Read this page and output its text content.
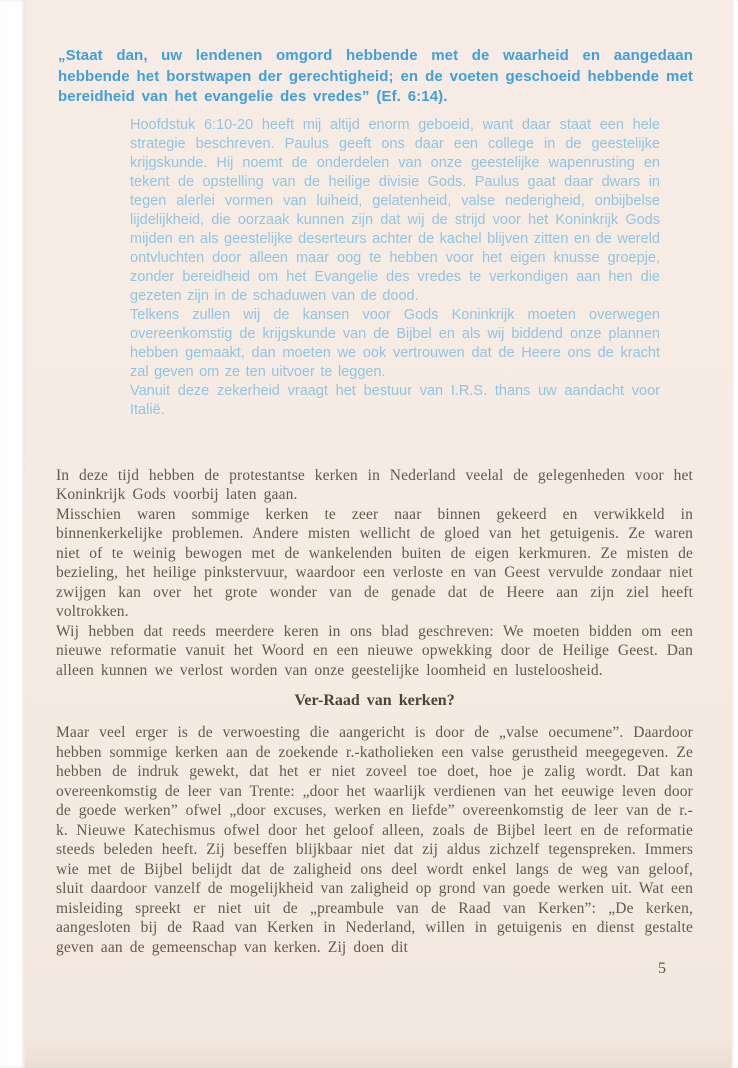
„Staat dan, uw lendenen omgord hebbende met de waarheid en aangedaan hebbende het borstwapen der gerechtigheid; en de voeten geschoeid hebbende met bereidheid van het evangelie des vredes” (Ef. 6:14).

Hoofdstuk 6:10-20 heeft mij altijd enorm geboeid, want daar staat een hele strategie beschreven. Paulus geeft ons daar een college in de geestelijke krijgskunde. Hij noemt de onderdelen van onze geestelijke wapenrusting en tekent de opstelling van de heilige divisie Gods. Paulus gaat daar dwars in tegen alerlei vormen van luiheid, gelatenheid, valse nederigheid, onbijbelse lijdelijkheid, die oorzaak kunnen zijn dat wij de strijd voor het Koninkrijk Gods mijden en als geestelijke deserteurs achter de kachel blijven zitten en de wereld ontvluchten door alleen maar oog te hebben voor het eigen knusse groepje, zonder bereidheid om het Evangelie des vredes te verkondigen aan hen die gezeten zijn in de schaduwen van de dood.

Telkens zullen wij de kansen voor Gods Koninkrijk moeten overwegen overeenkomstig de krijgskunde van de Bijbel en als wij biddend onze plannen hebben gemaakt, dan moeten we ook vertrouwen dat de Heere ons de kracht zal geven om ze ten uitvoer te leggen.

Vanuit deze zekerheid vraagt het bestuur van I.R.S. thans uw aandacht voor Italië.

In deze tijd hebben de protestantse kerken in Nederland veelal de gelegenheden voor het Koninkrijk Gods voorbij laten gaan.

Misschien waren sommige kerken te zeer naar binnen gekeerd en verwikkeld in binnenkerkelijke problemen. Andere misten wellicht de gloed van het getuigenis. Ze waren niet of te weinig bewogen met de wankelenden buiten de eigen kerkmuren. Ze misten de bezieling, het heilige pinkstervuur, waardoor een verloste en van Geest vervulde zondaar niet zwijgen kan over het grote wonder van de genade dat de Heere aan zijn ziel heeft voltrokken.

Wij hebben dat reeds meerdere keren in ons blad geschreven: We moeten bidden om een nieuwe reformatie vanuit het Woord en een nieuwe opwekking door de Heilige Geest. Dan alleen kunnen we verlost worden van onze geestelijke loomheid en lusteloosheid.

Ver-Raad van kerken?

Maar veel erger is de verwoesting die aangericht is door de „valse oecumene”. Daardoor hebben sommige kerken aan de zoekende r.-katholieken een valse gerustheid meegegeven. Ze hebben de indruk gewekt, dat het er niet zoveel toe doet, hoe je zalig wordt. Dat kan overeenkomstig de leer van Trente: „door het waarlijk verdienen van het eeuwige leven door de goede werken” ofwel „door excuses, werken en liefde” overeenkomstig de leer van de r.-k. Nieuwe Katechismus ofwel door het geloof alleen, zoals de Bijbel leert en de reformatie steeds beleden heeft. Zij beseffen blijkbaar niet dat zij aldus zichzelf tegenspreken. Immers wie met de Bijbel belijdt dat de zaligheid ons deel wordt enkel langs de weg van geloof, sluit daardoor vanzelf de mogelijkheid van zaligheid op grond van goede werken uit. Wat een misleiding spreekt er niet uit de „preambule van de Raad van Kerken”: „De kerken, aangesloten bij de Raad van Kerken in Nederland, willen in getuigenis en dienst gestalte geven aan de gemeenschap van kerken. Zij doen dit

5
